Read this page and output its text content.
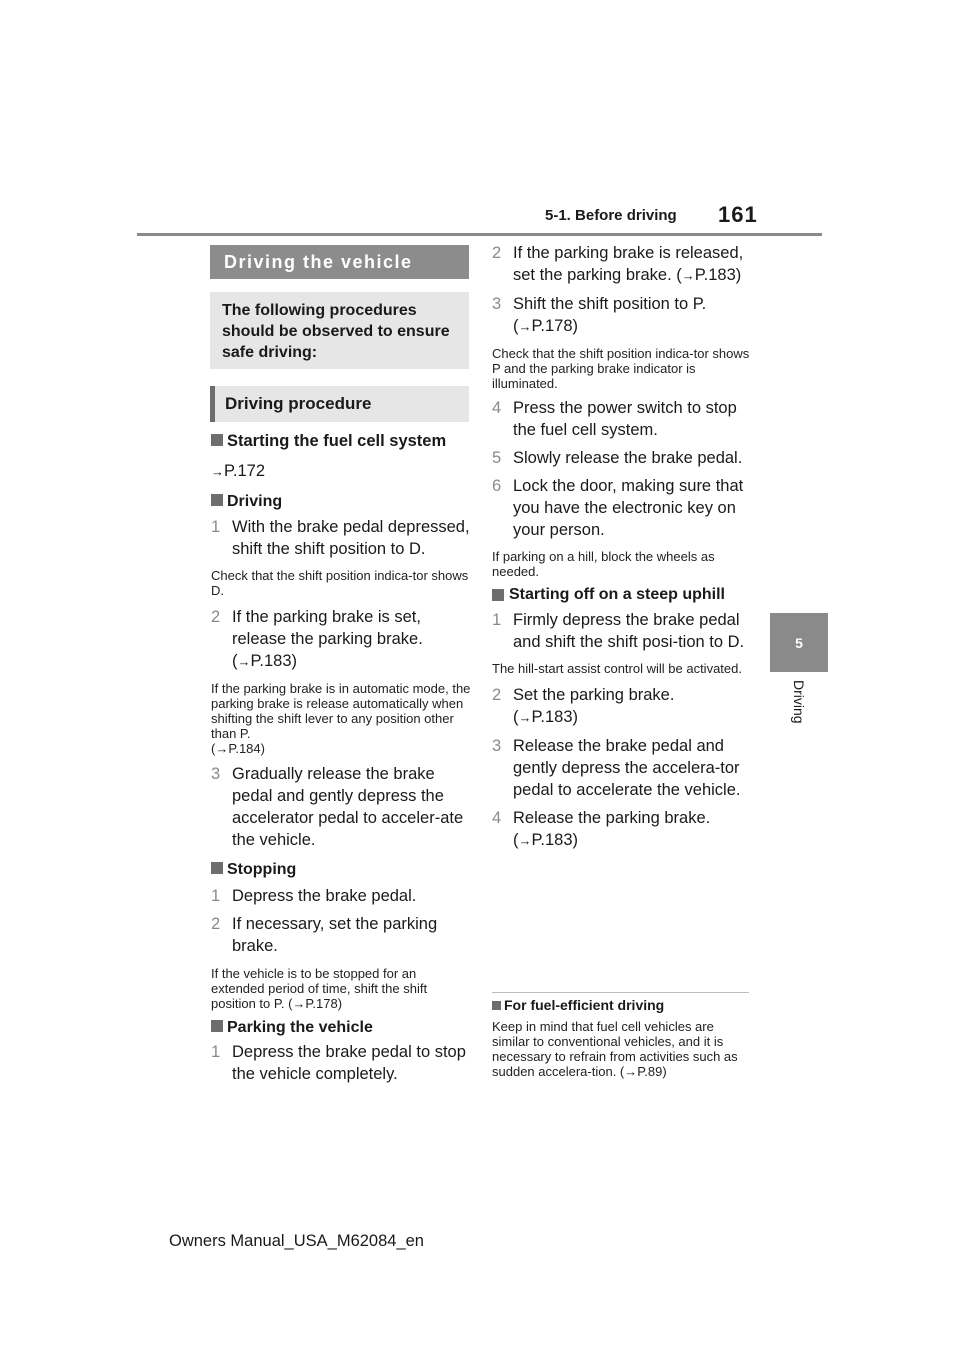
5-1. Before driving 161
5
Driving
Driving the vehicle
The following procedures should be observed to ensure safe driving:
Driving procedure
Starting the fuel cell system
→P.172
Driving
1 With the brake pedal depressed, shift the shift position to D.
Check that the shift position indica-tor shows D.
2 If the parking brake is set, release the parking brake.
(→P.183)
If the parking brake is in automatic mode, the parking brake is release automatically when shifting the shift lever to any position other than P.
(→P.184)
3 Gradually release the brake pedal and gently depress the accelerator pedal to acceler-ate the vehicle.
Stopping
1 Depress the brake pedal.
2 If necessary, set the parking brake.
If the vehicle is to be stopped for an extended period of time, shift the shift position to P. (→P.178)
Parking the vehicle
1 Depress the brake pedal to stop the vehicle completely.
2 If the parking brake is released, set the parking brake. (→P.183)
3 Shift the shift position to P.
(→P.178)
Check that the shift position indica-tor shows P and the parking brake indicator is illuminated.
4 Press the power switch to stop the fuel cell system.
5 Slowly release the brake pedal.
6 Lock the door, making sure that you have the electronic key on your person.
If parking on a hill, block the wheels as needed.
Starting off on a steep uphill
1 Firmly depress the brake pedal and shift the shift posi-tion to D.
The hill-start assist control will be activated.
2 Set the parking brake.
(→P.183)
3 Release the brake pedal and gently depress the accelera-tor pedal to accelerate the vehicle.
4 Release the parking brake.
(→P.183)
For fuel-efficient driving
Keep in mind that fuel cell vehicles are similar to conventional vehicles, and it is necessary to refrain from activities such as sudden accelera-tion. (→P.89)
Owners Manual_USA_M62084_en
